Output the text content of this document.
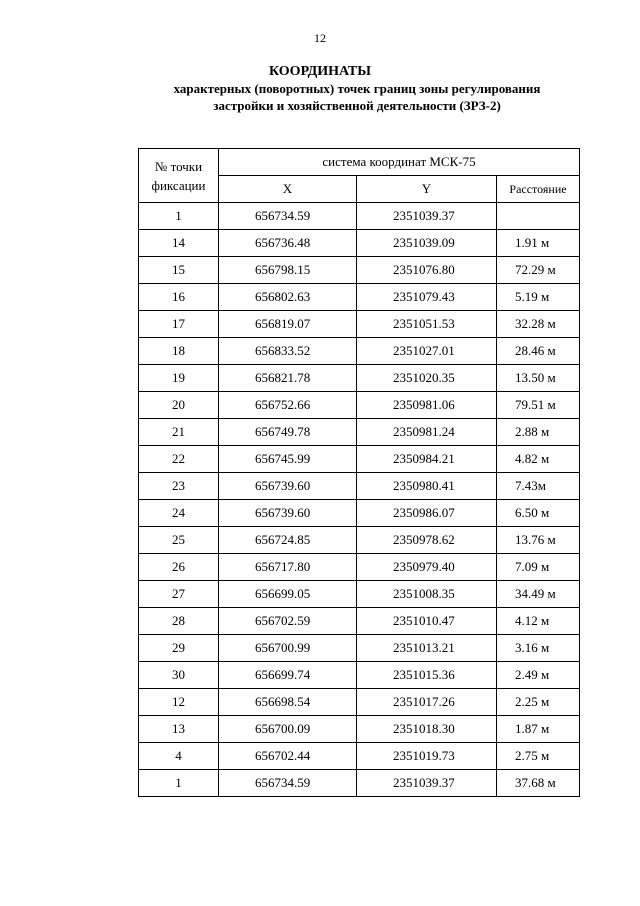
12
КООРДИНАТЫ
характерных (поворотных) точек границ зоны регулирования
застройки и хозяйственной деятельности (ЗРЗ-2)
№ точки
фиксации	система координат МСК-75		
	X	Y	Расстояние
1	656734.59	2351039.37	
14	656736.48	2351039.09	1.91 м
15	656798.15	2351076.80	72.29 м
16	656802.63	2351079.43	5.19 м
17	656819.07	2351051.53	32.28 м
18	656833.52	2351027.01	28.46 м
19	656821.78	2351020.35	13.50 м
20	656752.66	2350981.06	79.51 м
21	656749.78	2350981.24	2.88 м
22	656745.99	2350984.21	4.82 м
23	656739.60	2350980.41	7.43м
24	656739.60	2350986.07	6.50 м
25	656724.85	2350978.62	13.76 м
26	656717.80	2350979.40	7.09 м
27	656699.05	2351008.35	34.49 м
28	656702.59	2351010.47	4.12 м
29	656700.99	2351013.21	3.16 м
30	656699.74	2351015.36	2.49 м
12	656698.54	2351017.26	2.25 м
13	656700.09	2351018.30	1.87 м
4	656702.44	2351019.73	2.75 м
1	656734.59	2351039.37	37.68 м
